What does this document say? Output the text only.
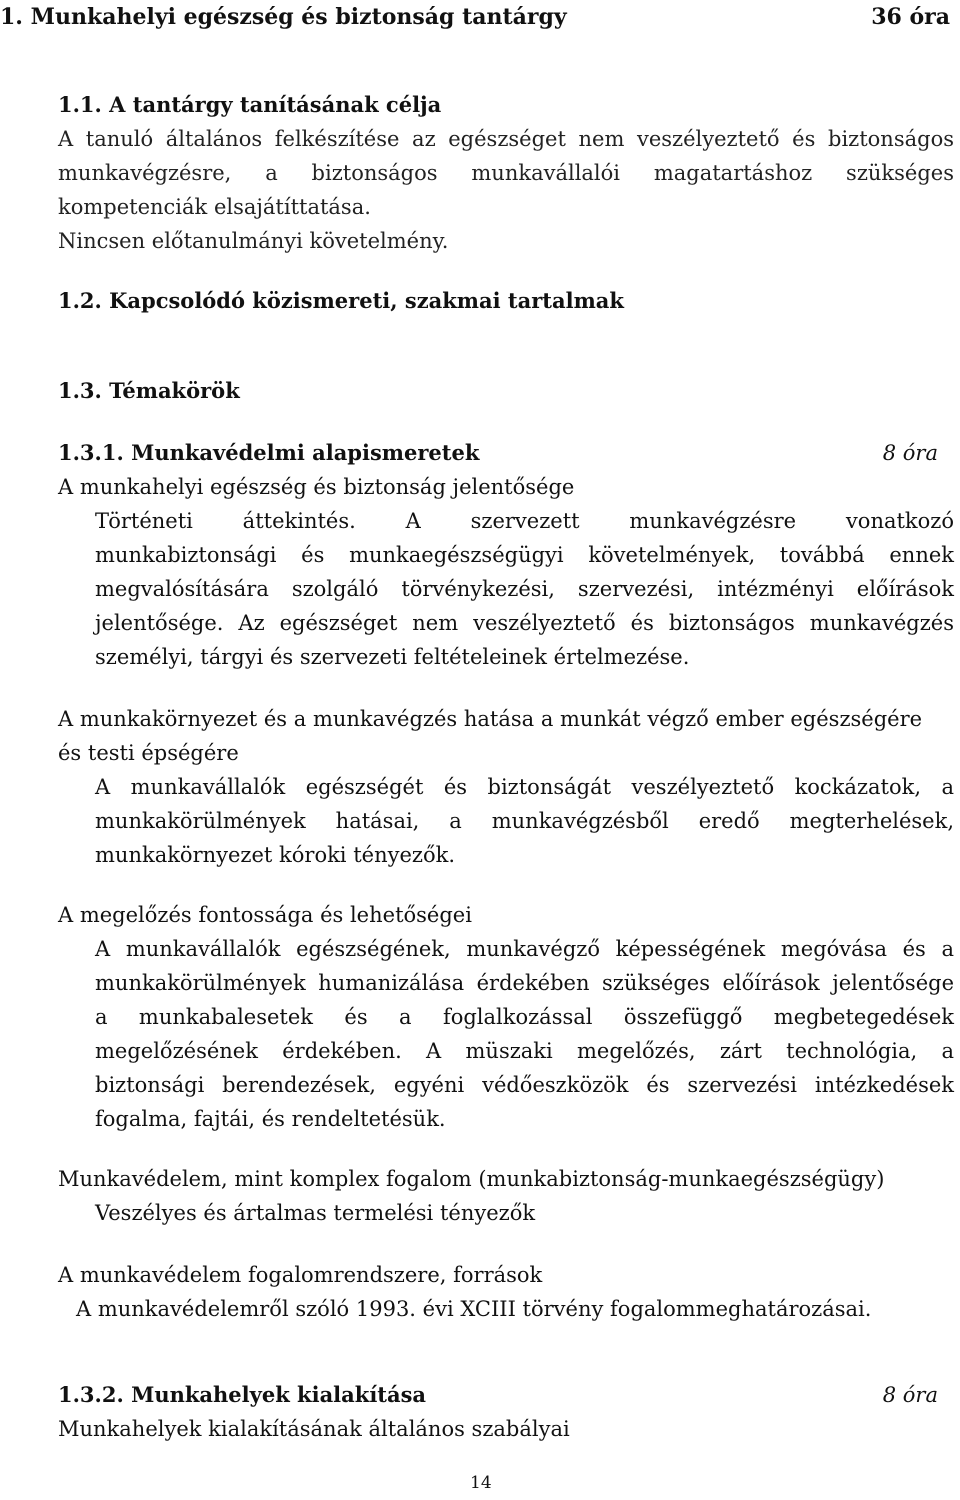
1. Munkahelyi egészség és biztonság tantárgy	36 óra
1.1. A tantárgy tanításának célja
A tanuló általános felkészítése az egészséget nem veszélyeztető és biztonságos
munkavégzésre, a biztonságos munkavállalói magatartáshoz szükséges
kompetenciák elsajátíttatása.
Nincsen előtanulmányi követelmény.
1.2. Kapcsolódó közismereti, szakmai tartalmak
1.3. Témakörök
1.3.1. Munkavédelmi alapismeretek	8 óra
A munkahelyi egészség és biztonság jelentősége
Történeti áttekintés. A szervezett munkavégzésre vonatkozó
munkabiztonsági és munkaegészségügyi követelmények, továbbá ennek
megvalósítására szolgáló törvénykezési, szervezési, intézményi előírások
jelentősége. Az egészséget nem veszélyeztető és biztonságos munkavégzés
személyi, tárgyi és szervezeti feltételeinek értelmezése.
A munkakörnyezet és a munkavégzés hatása a munkát végző ember egészségére
és testi épségére
A munkavállalók egészségét és biztonságát veszélyeztető kockázatok, a
munkakörülmények hatásai, a munkavégzésből eredő megterhelések,
munkakörnyezet kóroki tényezők.
A megelőzés fontossága és lehetőségei
A munkavállalók egészségének, munkavégző képességének megóvása és a
munkakörülmények humanizálása érdekében szükséges előírások jelentősége
a munkabalesetek és a foglalkozással összefüggő megbetegedések
megelőzésének érdekében. A müszaki megelőzés, zárt technológia, a
biztonsági berendezések, egyéni védőeszközök és szervezési intézkedések
fogalma, fajtái, és rendeltetésük.
Munkavédelem, mint komplex fogalom (munkabiztonság-munkaegészségügy)
Veszélyes és ártalmas termelési tényezők
A munkavédelem fogalomrendszere, források
A munkavédelemről szóló 1993. évi XCIII törvény fogalommeghatározásai.
1.3.2. Munkahelyek kialakítása	8 óra
Munkahelyek kialakításának általános szabályai
14
